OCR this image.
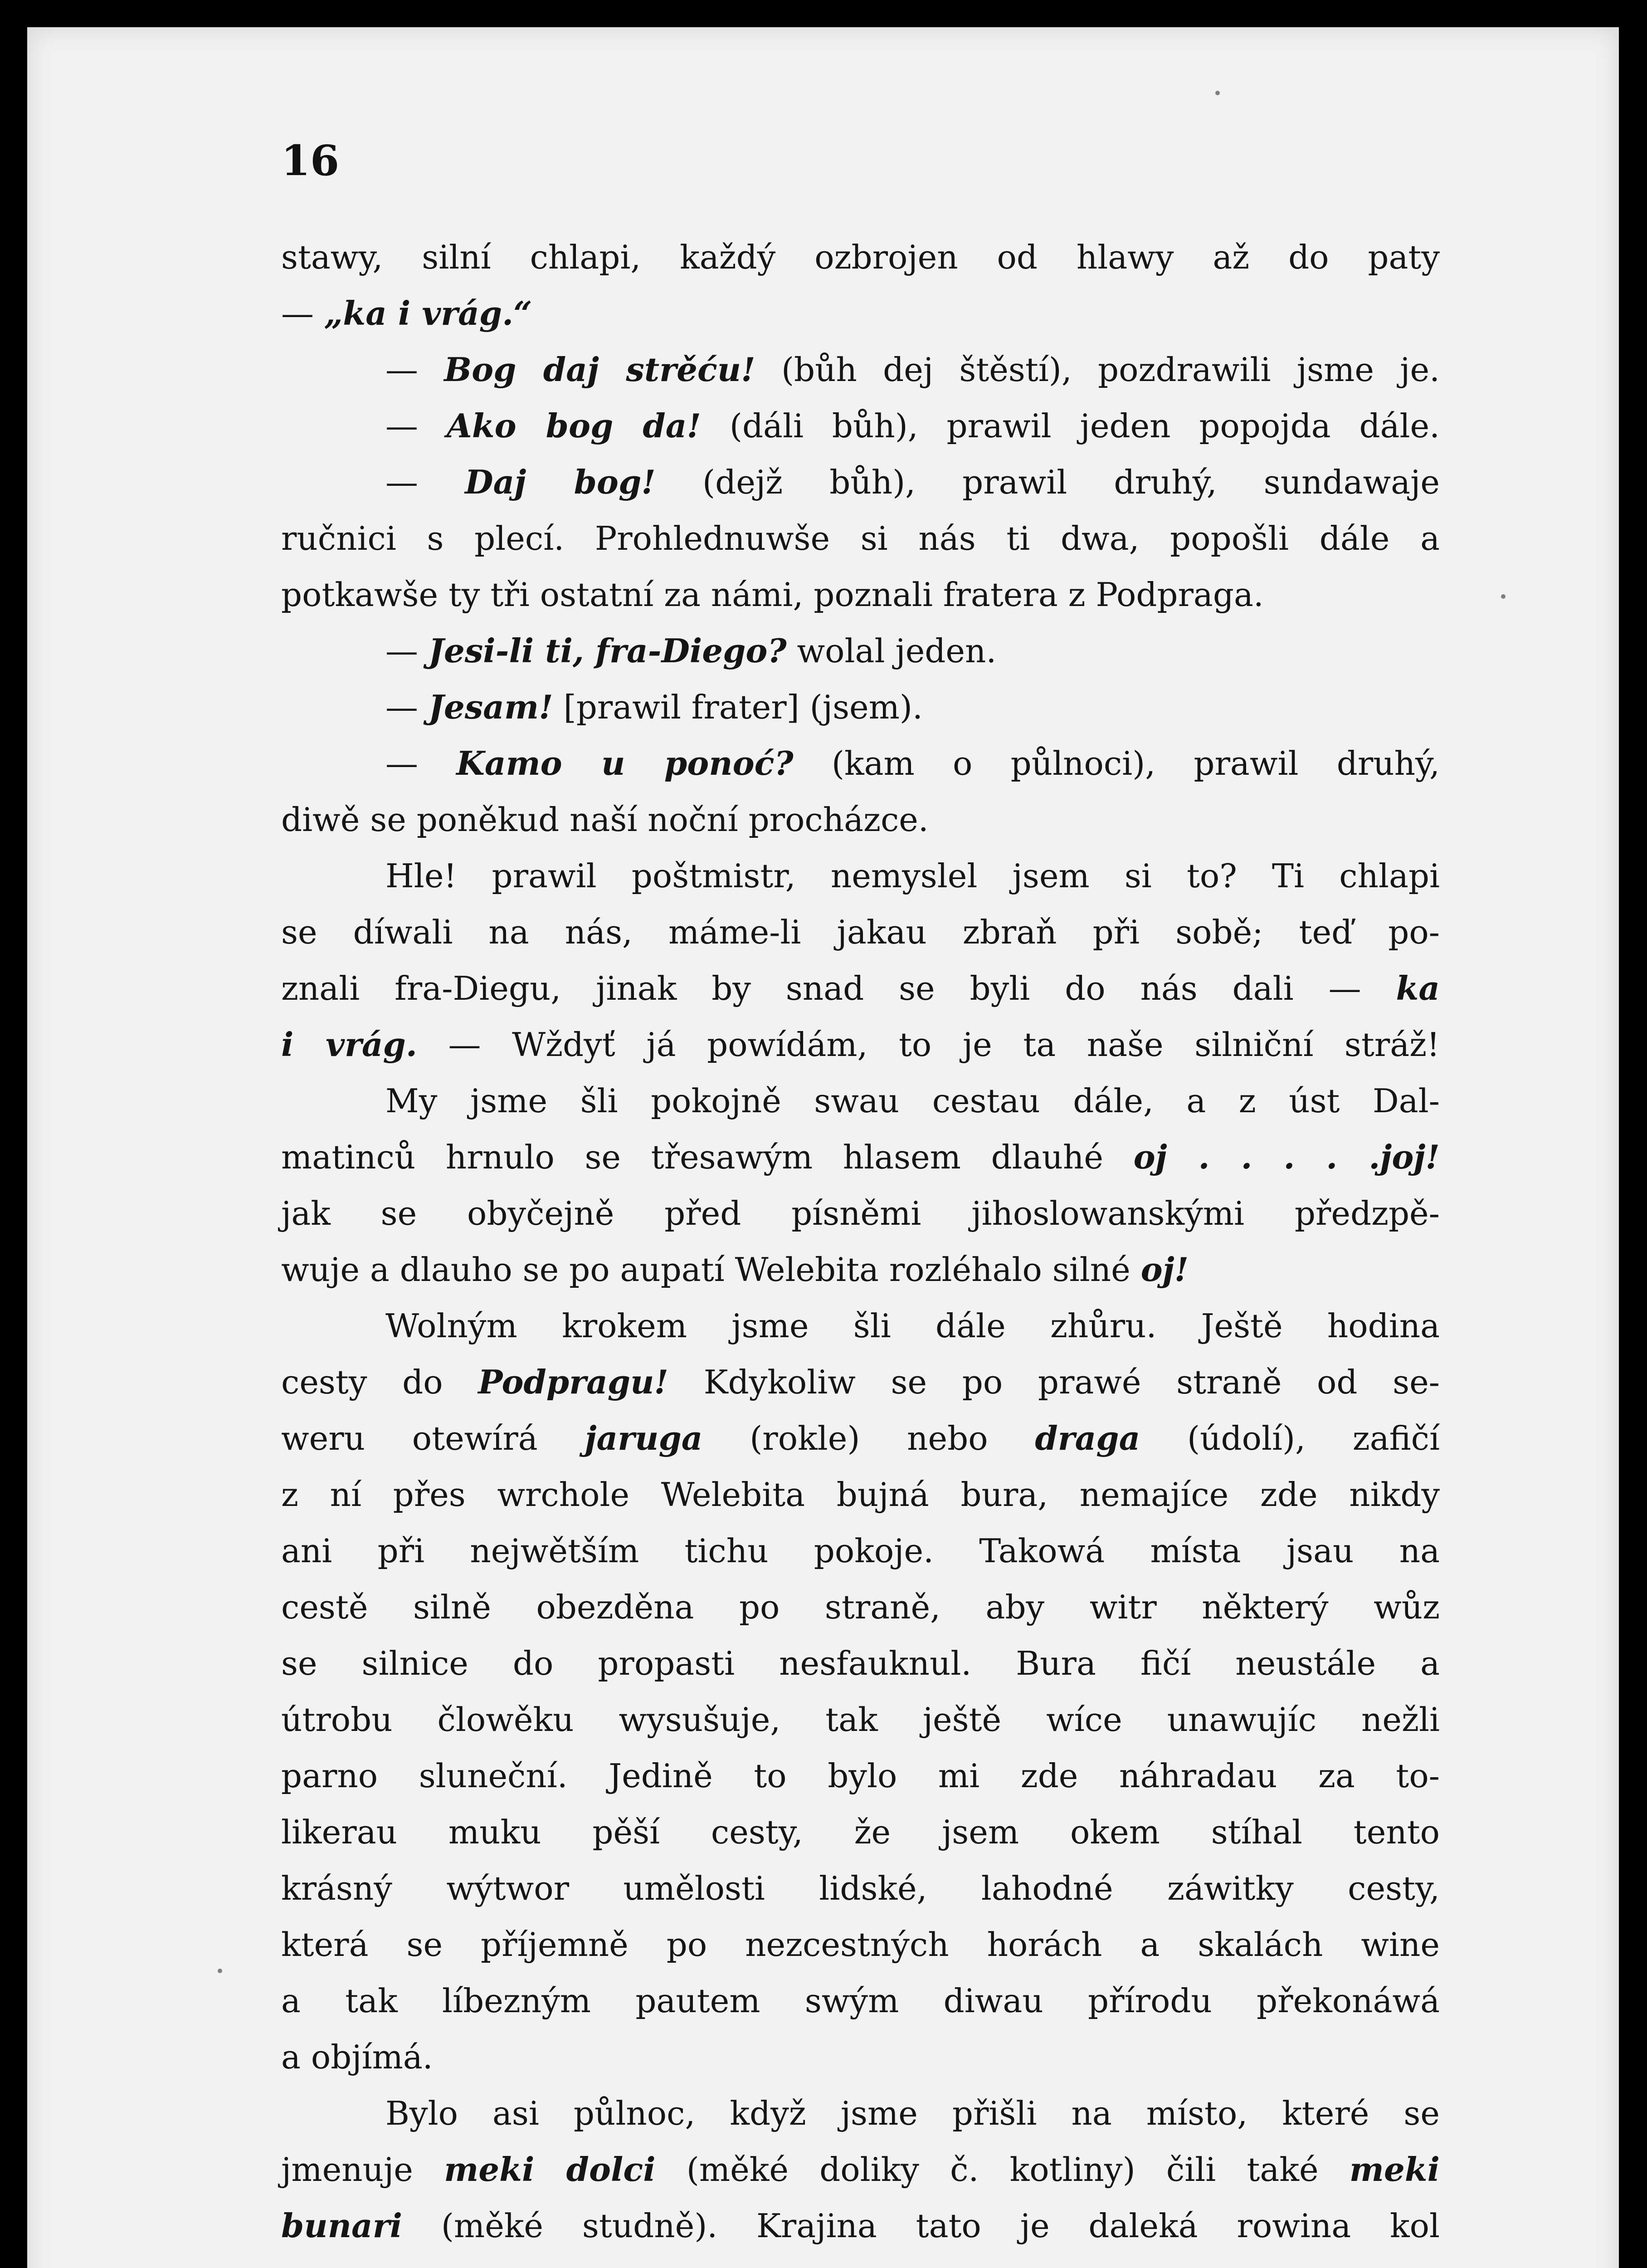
16
stawy, silní chlapi, každý ozbrojen od hlawy až do paty
— „ka i vrág.“
— Bog daj strěću! (bůh dej štěstí), pozdrawili jsme je.
— Ako bog da! (dáli bůh), prawil jeden popojda dále.
— Daj bog! (dejž bůh), prawil druhý, sundawaje
ručnici s plecí. Prohlednuwše si nás ti dwa, popošli dále a
potkawše ty tři ostatní za námi, poznali fratera z Podpraga.
— Jesi-li ti, fra-Diego? wolal jeden.
— Jesam! [prawil frater] (jsem).
— Kamo u ponoć? (kam o půlnoci), prawil druhý,
diwě se poněkud naší noční procházce.
Hle! prawil poštmistr, nemyslel jsem si to? Ti chlapi
se díwali na nás, máme-li jakau zbraň při sobě; teď po-
znali fra-Diegu, jinak by snad se byli do nás dali — ka
i vrág. — Wždyť já powídám, to je ta naše silniční stráž!
My jsme šli pokojně swau cestau dále, a z úst Dal-
matinců hrnulo se třesawým hlasem dlauhé oj . . . . .joj!
jak se obyčejně před písněmi jihoslowanskými předzpě-
wuje a dlauho se po aupatí Welebita rozléhalo silné oj!
Wolným krokem jsme šli dále zhůru. Ještě hodina
cesty do Podpragu! Kdykoliw se po prawé straně od se-
weru otewírá jaruga (rokle) nebo draga (údolí), zafičí
z ní přes wrchole Welebita bujná bura, nemajíce zde nikdy
ani při nejwětším tichu pokoje. Takowá místa jsau na
cestě silně obezděna po straně, aby witr některý wůz
se silnice do propasti nesfauknul. Bura fičí neustále a
útrobu člowěku wysušuje, tak ještě wíce unawujíc nežli
parno sluneční. Jedině to bylo mi zde náhradau za to-
likerau muku pěší cesty, že jsem okem stíhal tento
krásný wýtwor umělosti lidské, lahodné záwitky cesty,
která se příjemně po nezcestných horách a skalách wine
a tak líbezným pautem swým diwau přírodu překonáwá
a objímá.
Bylo asi půlnoc, když jsme přišli na místo, které se
jmenuje meki dolci (měké doliky č. kotliny) čili také meki
bunari (měké studně). Krajina tato je daleká rowina kol
